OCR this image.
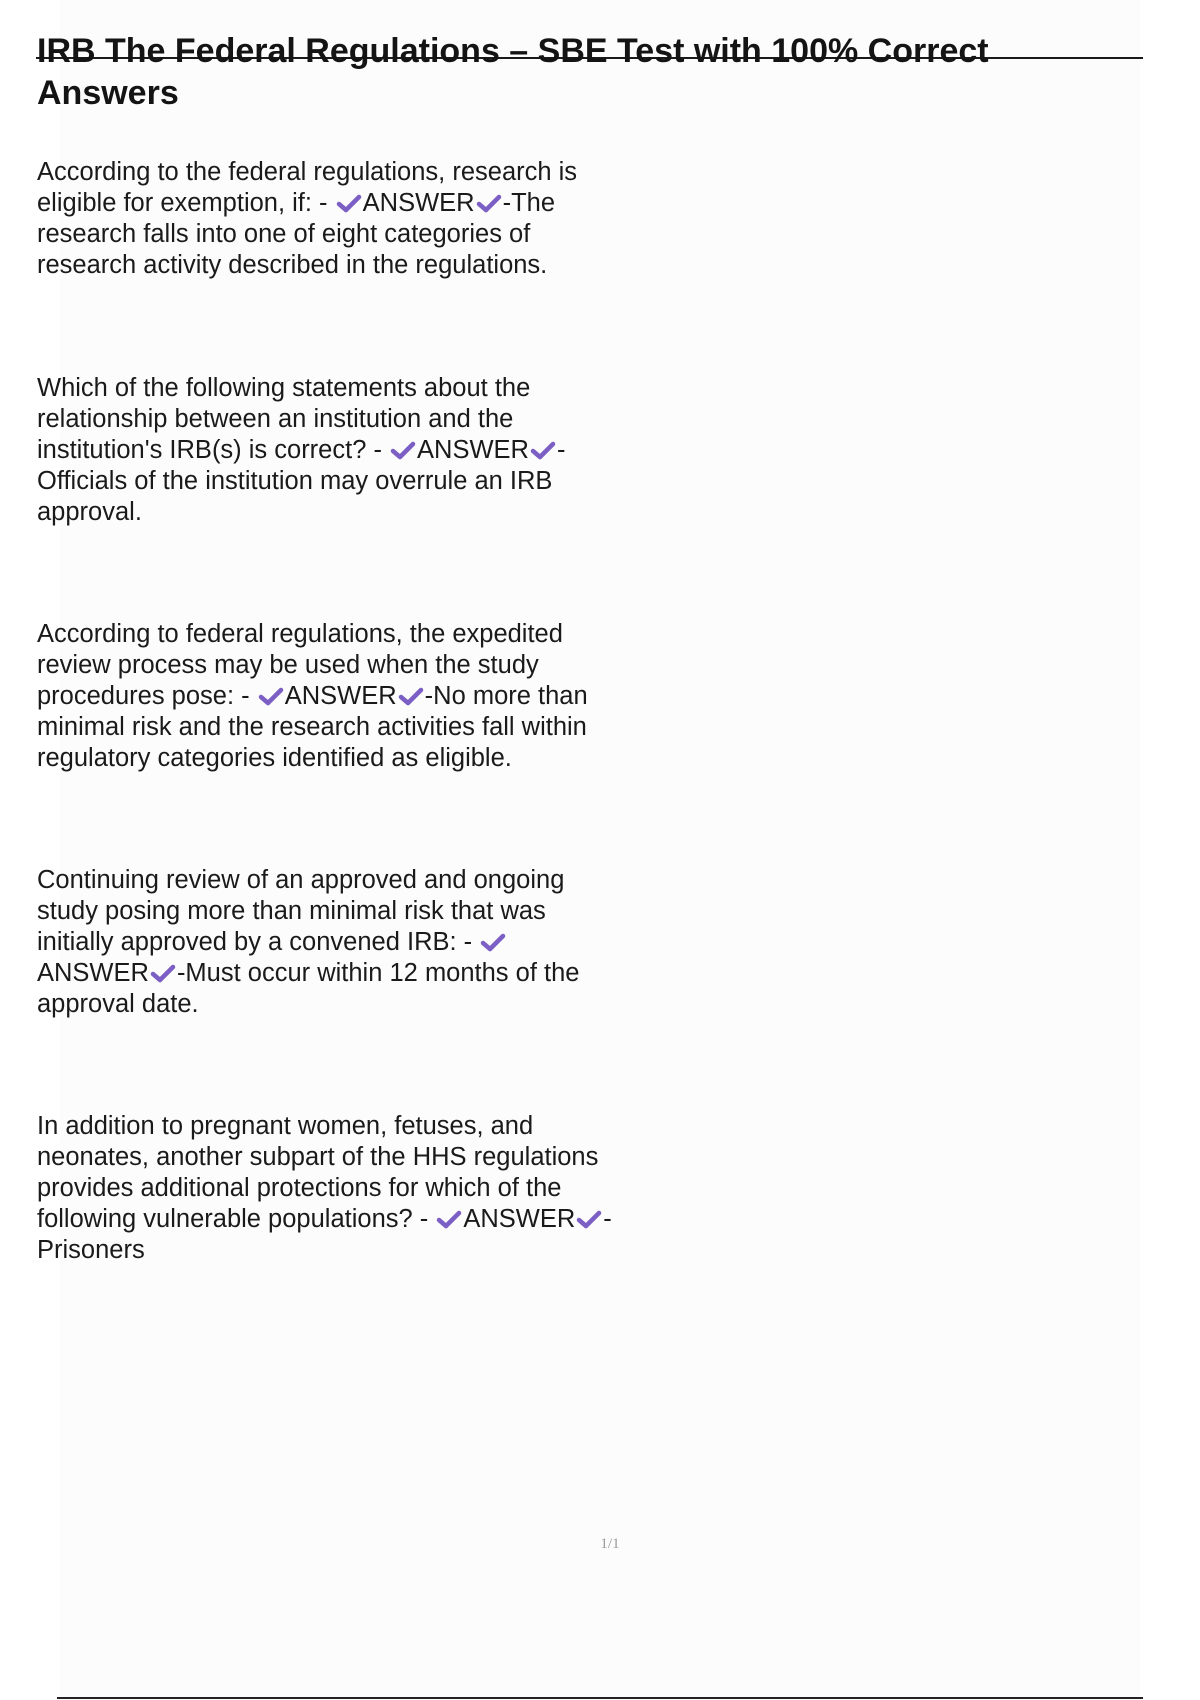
IRB The Federal Regulations – SBE Test with 100% Correct Answers

According to the federal regulations, research is eligible for exemption, if: - ANSWER -The research falls into one of eight categories of research activity described in the regulations.

Which of the following statements about the relationship between an institution and the institution's IRB(s) is correct? - ANSWER -Officials of the institution may overrule an IRB approval.

According to federal regulations, the expedited review process may be used when the study procedures pose: - ANSWER -No more than minimal risk and the research activities fall within regulatory categories identified as eligible.

Continuing review of an approved and ongoing study posing more than minimal risk that was initially approved by a convened IRB: - ANSWER -Must occur within 12 months of the approval date.

In addition to pregnant women, fetuses, and neonates, another subpart of the HHS regulations provides additional protections for which of the following vulnerable populations? - ANSWER -Prisoners

1/1
